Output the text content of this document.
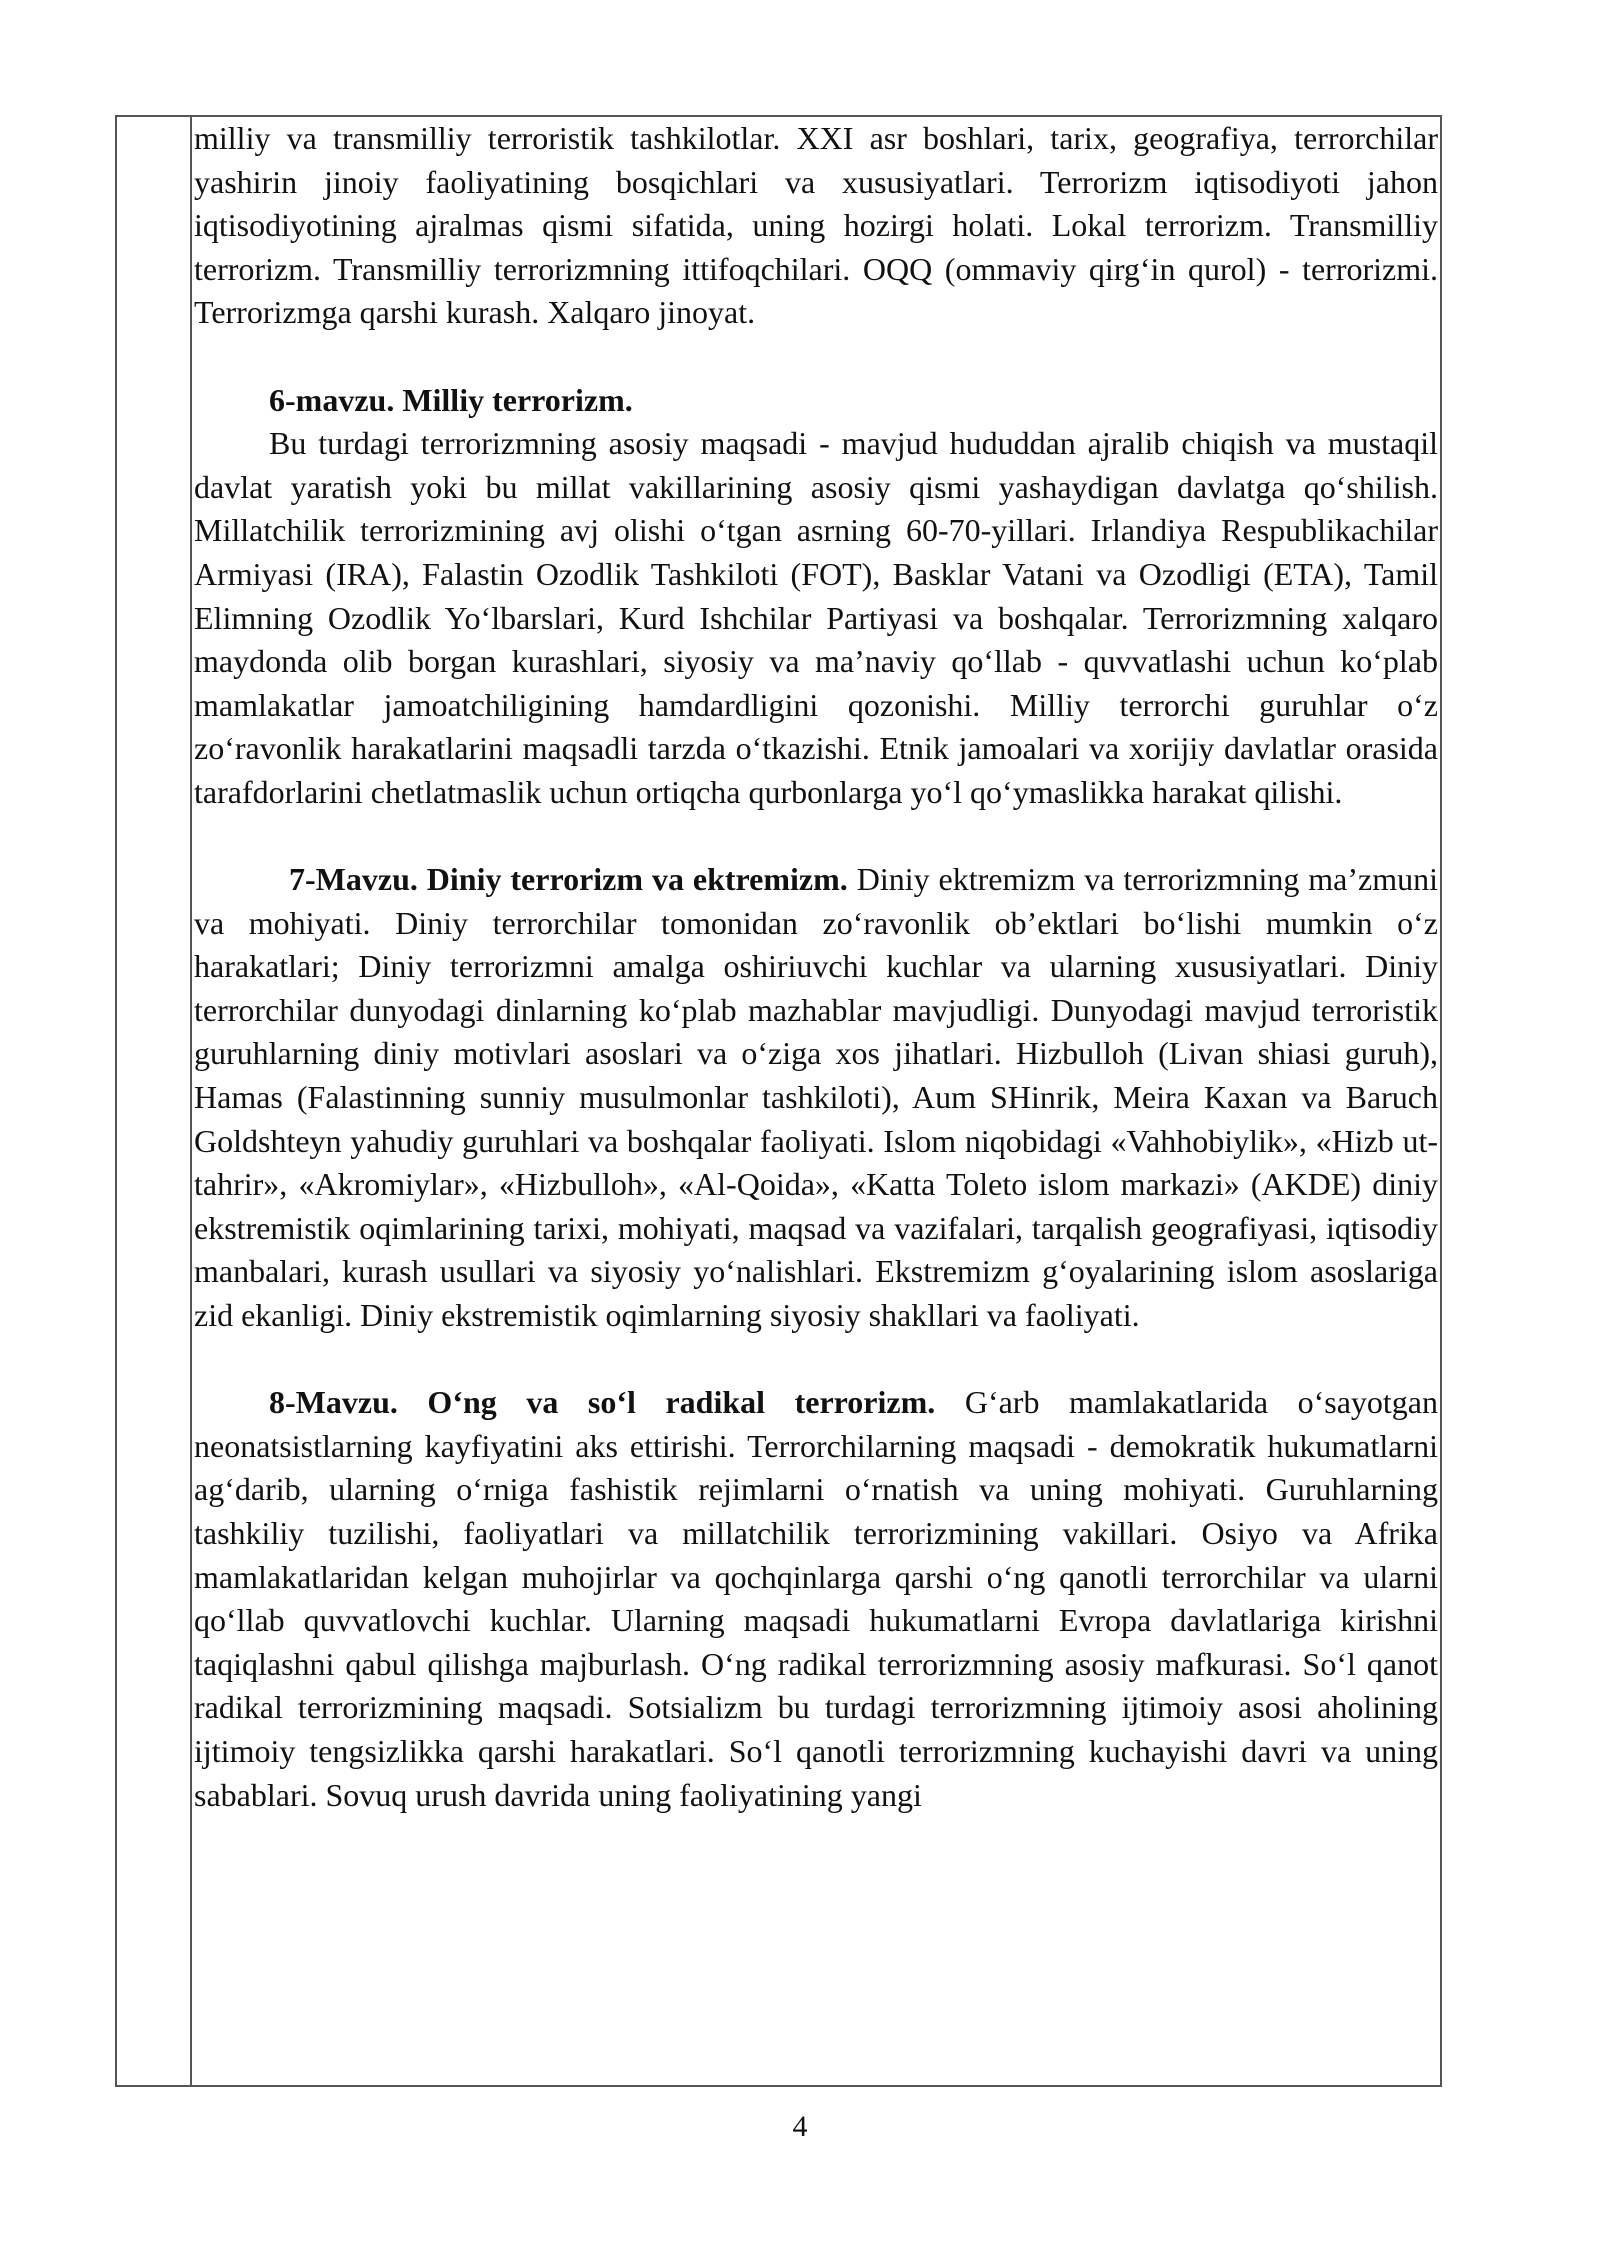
milliy va transmilliy terroristik tashkilotlar. XXI asr boshlari, tarix, geografiya, terrorchilar yashirin jinoiy faoliyatining bosqichlari va xususiyatlari. Terrorizm iqtisodiyoti jahon iqtisodiyotining ajralmas qismi sifatida, uning hozirgi holati. Lokal terrorizm. Transmilliy terrorizm. Transmilliy terrorizmning ittifoqchilari. OQQ (ommaviy qirg‘in qurol) - terrorizmi. Terrorizmga qarshi kurash. Xalqaro jinoyat.

6-mavzu. Milliy terrorizm.

Bu turdagi terrorizmning asosiy maqsadi - mavjud hududdan ajralib chiqish va mustaqil davlat yaratish yoki bu millat vakillarining asosiy qismi yashaydigan davlatga qo‘shilish. Millatchilik terrorizmining avj olishi o‘tgan asrning 60-70-yillari. Irlandiya Respublikachilar Armiyasi (IRA), Falastin Ozodlik Tashkiloti (FOT), Basklar Vatani va Ozodligi (ETA), Tamil Elimning Ozodlik Yo‘lbarslari, Kurd Ishchilar Partiyasi va boshqalar. Terrorizmning xalqaro maydonda olib borgan kurashlari, siyosiy va ma’naviy qo‘llab - quvvatlashi uchun ko‘plab mamlakatlar jamoatchiligining hamdardligini qozonishi. Milliy terrorchi guruhlar o‘z zo‘ravonlik harakatlarini maqsadli tarzda o‘tkazishi. Etnik jamoalari va xorijiy davlatlar orasida tarafdorlarini chetlatmaslik uchun ortiqcha qurbonlarga yo‘l qo‘ymaslikka harakat qilishi.

7-Mavzu. Diniy terrorizm va ektremizm. Diniy ektremizm va terrorizmning ma’zmuni va mohiyati. Diniy terrorchilar tomonidan zo‘ravonlik ob’ektlari bo‘lishi mumkin o‘z harakatlari; Diniy terrorizmni amalga oshiriuvchi kuchlar va ularning xususiyatlari. Diniy terrorchilar dunyodagi dinlarning ko‘plab mazhablar mavjudligi. Dunyodagi mavjud terroristik guruhlarning diniy motivlari asoslari va o‘ziga xos jihatlari. Hizbulloh (Livan shiasi guruh), Hamas (Falastinning sunniy musulmonlar tashkiloti), Aum SHinrik, Meira Kaxan va Baruch Goldshteyn yahudiy guruhlari va boshqalar faoliyati. Islom niqobidagi «Vahhobiylik», «Hizb ut-tahrir», «Akromiylar», «Hizbulloh», «Al-Qoida», «Katta Toleto islom markazi» (AKDE) diniy ekstremistik oqimlarining tarixi, mohiyati, maqsad va vazifalari, tarqalish geografiyasi, iqtisodiy manbalari, kurash usullari va siyosiy yo‘nalishlari. Ekstremizm g‘oyalarining islom asoslariga zid ekanligi. Diniy ekstremistik oqimlarning siyosiy shakllari va faoliyati.

8-Mavzu. O‘ng va so‘l radikal terrorizm. G‘arb mamlakatlarida o‘sayotgan neonatsistlarning kayfiyatini aks ettirishi. Terrorchilarning maqsadi - demokratik hukumatlarni ag‘darib, ularning o‘rniga fashistik rejimlarni o‘rnatish va uning mohiyati. Guruhlarning tashkiliy tuzilishi, faoliyatlari va millatchilik terrorizmining vakillari. Osiyo va Afrika mamlakatlaridan kelgan muhojirlar va qochqinlarga qarshi o‘ng qanotli terrorchilar va ularni qo‘llab quvvatlovchi kuchlar. Ularning maqsadi hukumatlarni Evropa davlatlariga kirishni taqiqlashni qabul qilishga majburlash. O‘ng radikal terrorizmning asosiy mafkurasi. So‘l qanot radikal terrorizmining maqsadi. Sotsializm bu turdagi terrorizmning ijtimoiy asosi aholining ijtimoiy tengsizlikka qarshi harakatlari. So‘l qanotli terrorizmning kuchayishi davri va uning sabablari. Sovuq urush davrida uning faoliyatining yangi

4
